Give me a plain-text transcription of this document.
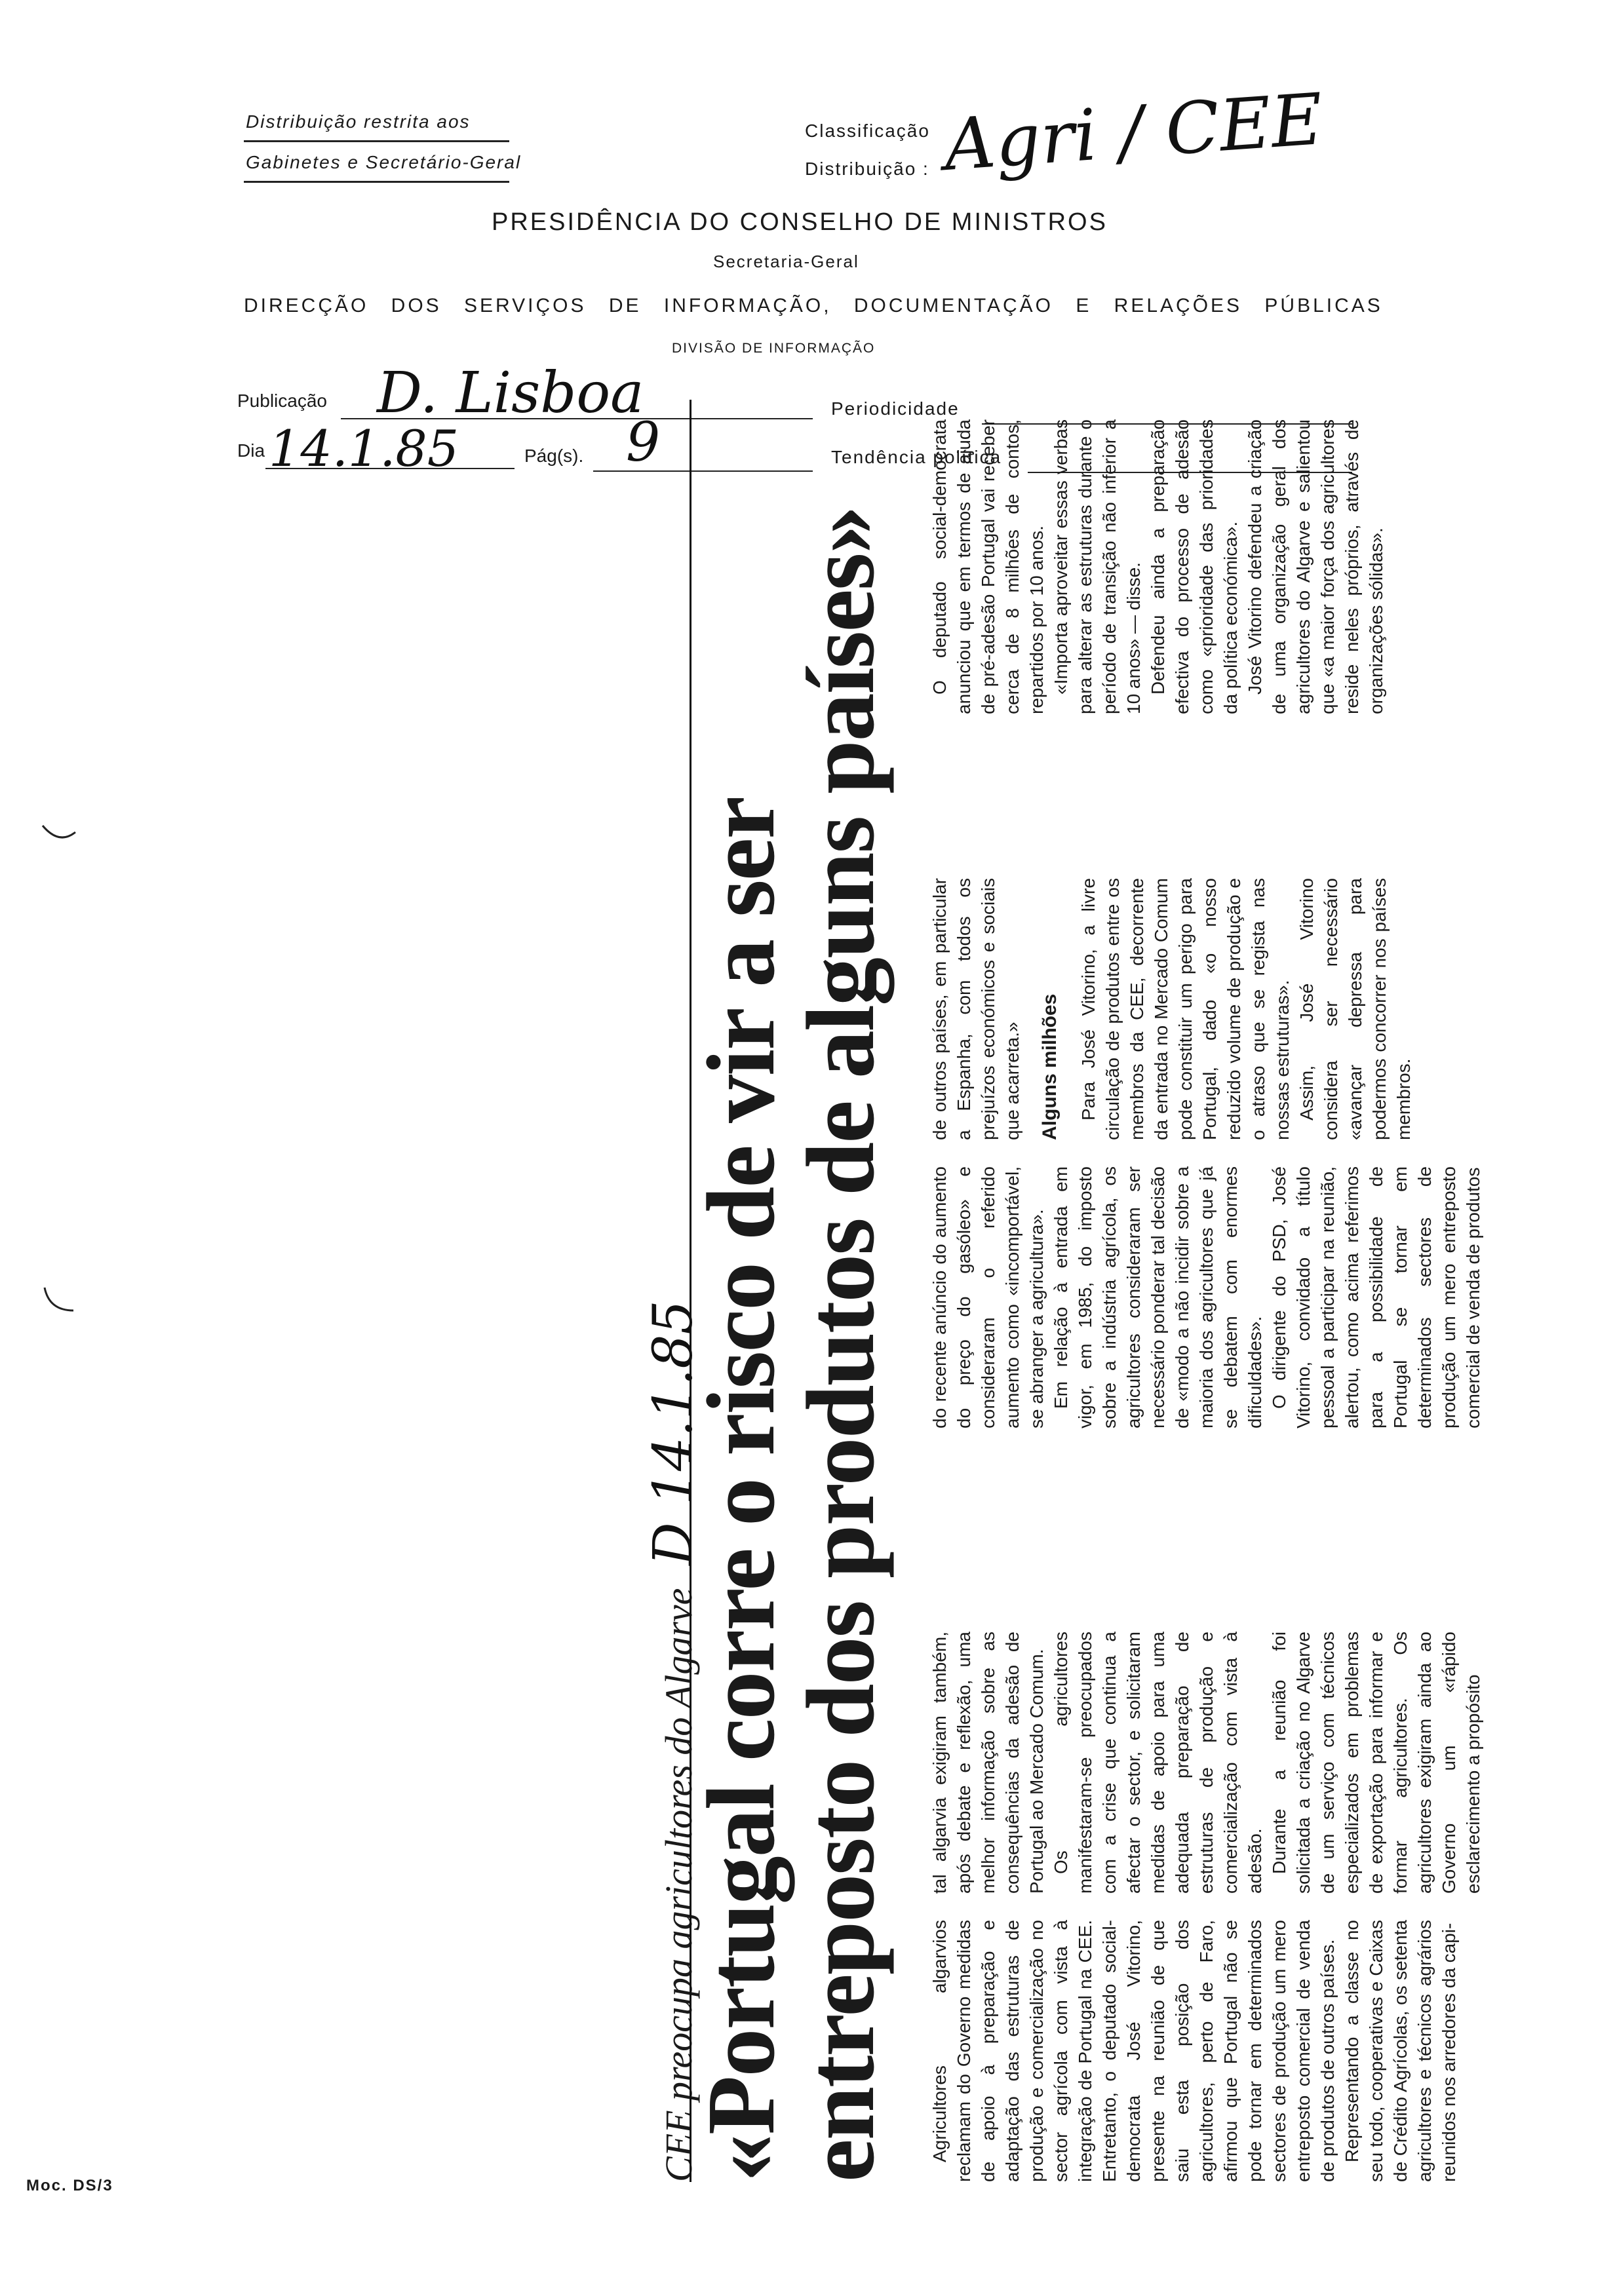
Distribuição restrita aos
Gabinetes e Secretário-Geral
Classificação
Distribuição : Agri / CEE
PRESIDÊNCIA DO CONSELHO DE MINISTROS
Secretaria-Geral
DIRECÇÃO DOS SERVIÇOS DE INFORMAÇÃO, DOCUMENTAÇÃO E RELAÇÕES PÚBLICAS
DIVISÃO DE INFORMAÇÃO
Publicação D. Lisboa	Periodicidade
Dia 14.1.85	Pág(s). 9	Tendência política
CEE preocupa agricultores do Algarve D 14.1.85
«Portugal corre o risco de vir a ser entreposto dos produtos de alguns países» Agricultores algarvios reclamam do Governo medidas de apoio à preparação e adaptação das estruturas de produção e comercialização no sector agrícola com vista à integração de Portugal na CEE. Entretanto, o deputado social-democrata José Vitorino, presente na reunião de que saiu esta posição dos agricultores, perto de Faro, afirmou que Portugal não se pode tornar em determinados sectores de produção um mero entreposto comercial de venda de produtos de outros países. Representando a classe no seu todo, cooperativas e Caixas de Crédito Agrícolas, os setenta agricultores e técnicos agrários reunidos nos arredores da capi-

tal algarvia exigiram também, após debate e reflexão, uma melhor informação sobre as consequências da adesão de Portugal ao Mercado Comum. Os agricultores manifestaram-se preocupados com a crise que continua a afectar o sector, e solicitaram medidas de apoio para uma adequada preparação de estruturas de produção e comercialização com vista à adesão. Durante a reunião foi solicitada a criação no Algarve de um serviço com técnicos especializados em problemas de exportação para informar e formar agricultores. Os agricultores exigiram ainda ao Governo um «rápido esclarecimento a propósito

do recente anúncio do aumento do preço do gasóleo» e consideraram o referido aumento como «incomportável, se abranger a agricultura». Em relação à entrada em vigor, em 1985, do imposto sobre a indústria agrícola, os agricultores consideraram ser necessário ponderar tal decisão de «modo a não incidir sobre a maioria dos agricultores que já se debatem com enormes dificuldades». O dirigente do PSD, José Vitorino, convidado a título pessoal a participar na reunião, alertou, como acima referimos para a possibilidade de Portugal se tornar em determinados sectores de produção um mero entreposto comercial de venda de produtos

de outros países, em particular a Espanha, com todos os prejuízos económicos e sociais que acarreta.» Alguns milhões Para José Vitorino, a livre circulação de produtos entre os membros da CEE, decorrente da entrada no Mercado Comum pode constituir um perigo para Portugal, dado «o nosso reduzido volume de produção e o atraso que se regista nas nossas estruturas». Assim, José Vitorino considera ser necessário «avançar depressa para podermos concorrer nos países membros.

O deputado social-democrata anunciou que em termos de ajuda de pré-adesão Portugal vai receber cerca de 8 milhões de contos, repartidos por 10 anos. «Importa aproveitar essas verbas para alterar as estruturas durante o período de transição não inferior a 10 anos» — disse. Defendeu ainda a preparação efectiva do processo de adesão como «prioridade das prioridades da política económica». José Vitorino defendeu a criação de uma organização geral dos agricultores do Algarve e salientou que «a maior força dos agricultores reside neles próprios, através de organizações sólidas».

Moc. DS/3
